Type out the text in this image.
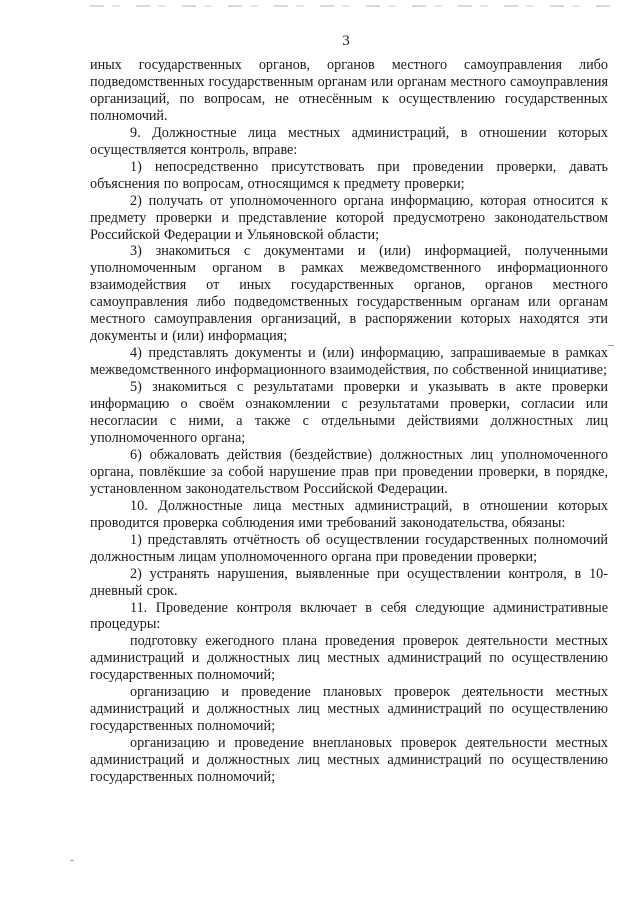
3

иных государственных органов, органов местного самоуправления либо подведомственных государственным органам или органам местного самоуправления организаций, по вопросам, не отнесённым к осуществлению государственных полномочий.

9. Должностные лица местных администраций, в отношении которых осуществляется контроль, вправе:

1) непосредственно присутствовать при проведении проверки, давать объяснения по вопросам, относящимся к предмету проверки;

2) получать от уполномоченного органа информацию, которая относится к предмету проверки и представление которой предусмотрено законодательством Российской Федерации и Ульяновской области;

3) знакомиться с документами и (или) информацией, полученными уполномоченным органом в рамках межведомственного информационного взаимодействия от иных государственных органов, органов местного самоуправления либо подведомственных государственным органам или органам местного самоуправления организаций, в распоряжении которых находятся эти документы и (или) информация;

4) представлять документы и (или) информацию, запрашиваемые в рамках межведомственного информационного взаимодействия, по собственной инициативе;

5) знакомиться с результатами проверки и указывать в акте проверки информацию о своём ознакомлении с результатами проверки, согласии или несогласии с ними, а также с отдельными действиями должностных лиц уполномоченного органа;

6) обжаловать действия (бездействие) должностных лиц уполномоченного органа, повлёкшие за собой нарушение прав при проведении проверки, в порядке, установленном законодательством Российской Федерации.

10. Должностные лица местных администраций, в отношении которых проводится проверка соблюдения ими требований законодательства, обязаны:

1) представлять отчётность об осуществлении государственных полномочий должностным лицам уполномоченного органа при проведении проверки;

2) устранять нарушения, выявленные при осуществлении контроля, в 10-дневный срок.

11. Проведение контроля включает в себя следующие административные процедуры:

подготовку ежегодного плана проведения проверок деятельности местных администраций и должностных лиц местных администраций по осуществлению государственных полномочий;

организацию и проведение плановых проверок деятельности местных администраций и должностных лиц местных администраций по осуществлению государственных полномочий;

организацию и проведение внеплановых проверок деятельности местных администраций и должностных лиц местных администраций по осуществлению государственных полномочий;
